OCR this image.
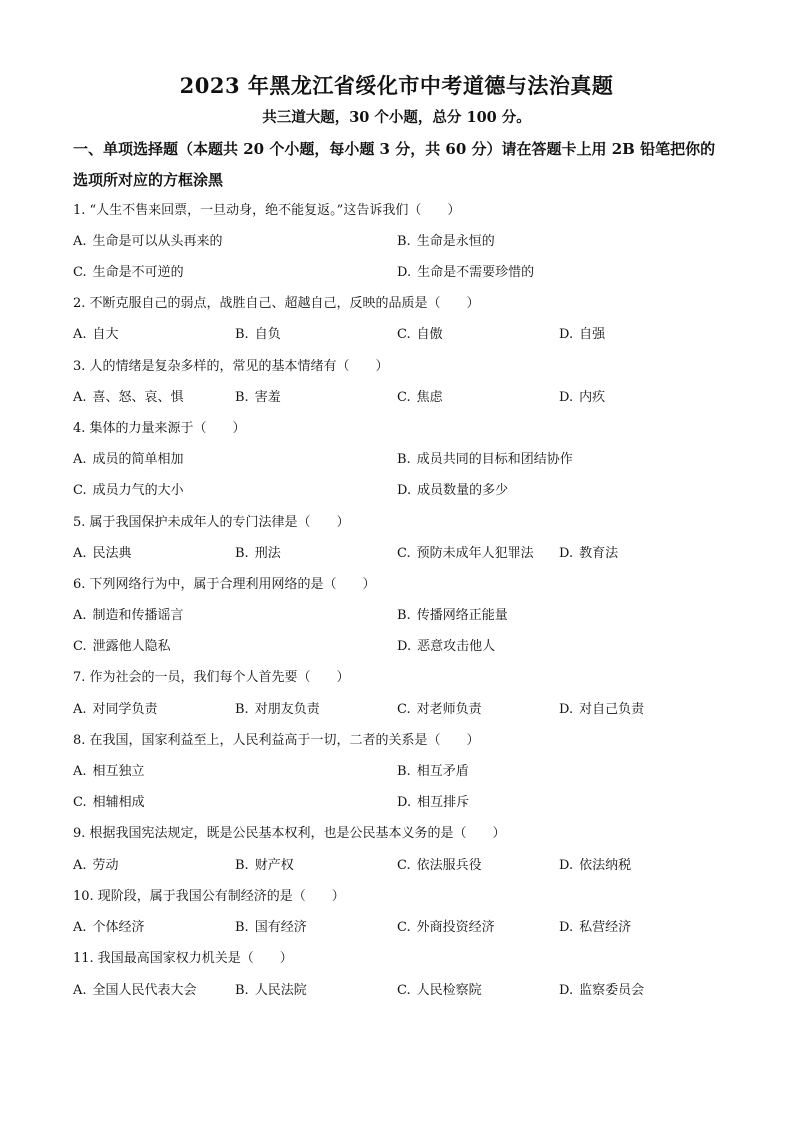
2023 年黑龙江省绥化市中考道德与法治真题
共三道大题，30 个小题，总分 100 分。
一、单项选择题（本题共 20 个小题，每小题 3 分，共 60 分）请在答题卡上用 2B 铅笔把你的
选项所对应的方框涂黑
1. “人生不售来回票，一旦动身，绝不能复返。”这告诉我们（　　）
A. 生命是可以从头再来的	B. 生命是永恒的
C. 生命是不可逆的	D. 生命是不需要珍惜的
2. 不断克服自己的弱点，战胜自己、超越自己，反映的品质是（　　）
A. 自大	B. 自负	C. 自傲	D. 自强
3. 人的情绪是复杂多样的，常见的基本情绪有（　　）
A. 喜、怒、哀、惧	B. 害羞	C. 焦虑	D. 内疚
4. 集体的力量来源于（　　）
A. 成员的简单相加	B. 成员共同的目标和团结协作
C. 成员力气的大小	D. 成员数量的多少
5. 属于我国保护未成年人的专门法律是（　　）
A. 民法典	B. 刑法	C. 预防未成年人犯罪法 D. 教育法
6. 下列网络行为中，属于合理利用网络的是（　　）
A. 制造和传播谣言	B. 传播网络正能量
C. 泄露他人隐私	D. 恶意攻击他人
7. 作为社会的一员，我们每个人首先要（　　）
A. 对同学负责	B. 对朋友负责	C. 对老师负责	D. 对自己负责
8. 在我国，国家利益至上，人民利益高于一切，二者的关系是（　　）
A. 相互独立	B. 相互矛盾
C. 相辅相成	D. 相互排斥
9. 根据我国宪法规定，既是公民基本权利，也是公民基本义务的是（　　）
A. 劳动	B. 财产权	C. 依法服兵役	D. 依法纳税
10. 现阶段，属于我国公有制经济的是（　　）
A. 个体经济	B. 国有经济	C. 外商投资经济	D. 私营经济
11. 我国最高国家权力机关是（　　）
A. 全国人民代表大会	B. 人民法院	C. 人民检察院	D. 监察委员会
